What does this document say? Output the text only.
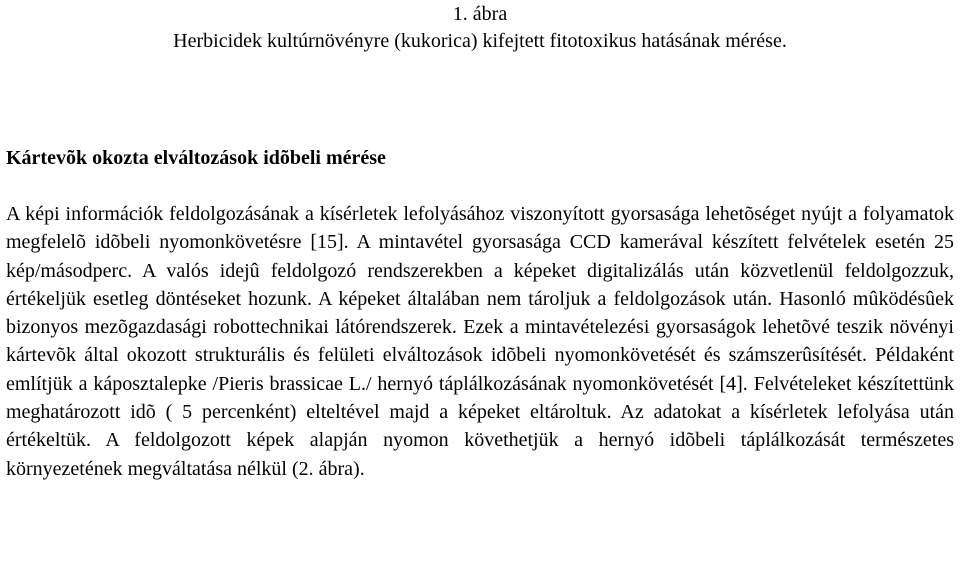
1. ábra
Herbicidek kultúrnövényre (kukorica) kifejtett fitotoxikus hatásának mérése.
Kártevõk okozta elváltozások idõbeli mérése

A képi információk feldolgozásának a kísérletek lefolyásához viszonyított gyorsasága lehetõséget nyújt a folyamatok megfelelõ idõbeli nyomonkövetésre [15]. A mintavétel gyorsasága CCD kamerával készített felvételek esetén 25 kép/másodperc. A valós idejû feldolgozó rendszerekben a képeket digitalizálás után közvetlenül feldolgozzuk, értékeljük esetleg döntéseket hozunk. A képeket általában nem tároljuk a feldolgozások után. Hasonló mûködésûek bizonyos mezõgazdasági robottechnikai látórendszerek. Ezek a mintavételezési gyorsaságok lehetõvé teszik növényi kártevõk által okozott strukturális és felületi elváltozások idõbeli nyomonkövetését és számszerûsítését. Példaként említjük a káposztalepke /Pieris brassicae L./ hernyó táplálkozásának nyomonkövetését [4]. Felvételeket készítettünk meghatározott idõ ( 5 percenként) elteltével majd a képeket eltároltuk. Az adatokat a kísérletek lefolyása után értékeltük. A feldolgozott képek alapján nyomon követhetjük a hernyó idõbeli táplálkozását természetes környezetének megváltatása nélkül (2. ábra).
